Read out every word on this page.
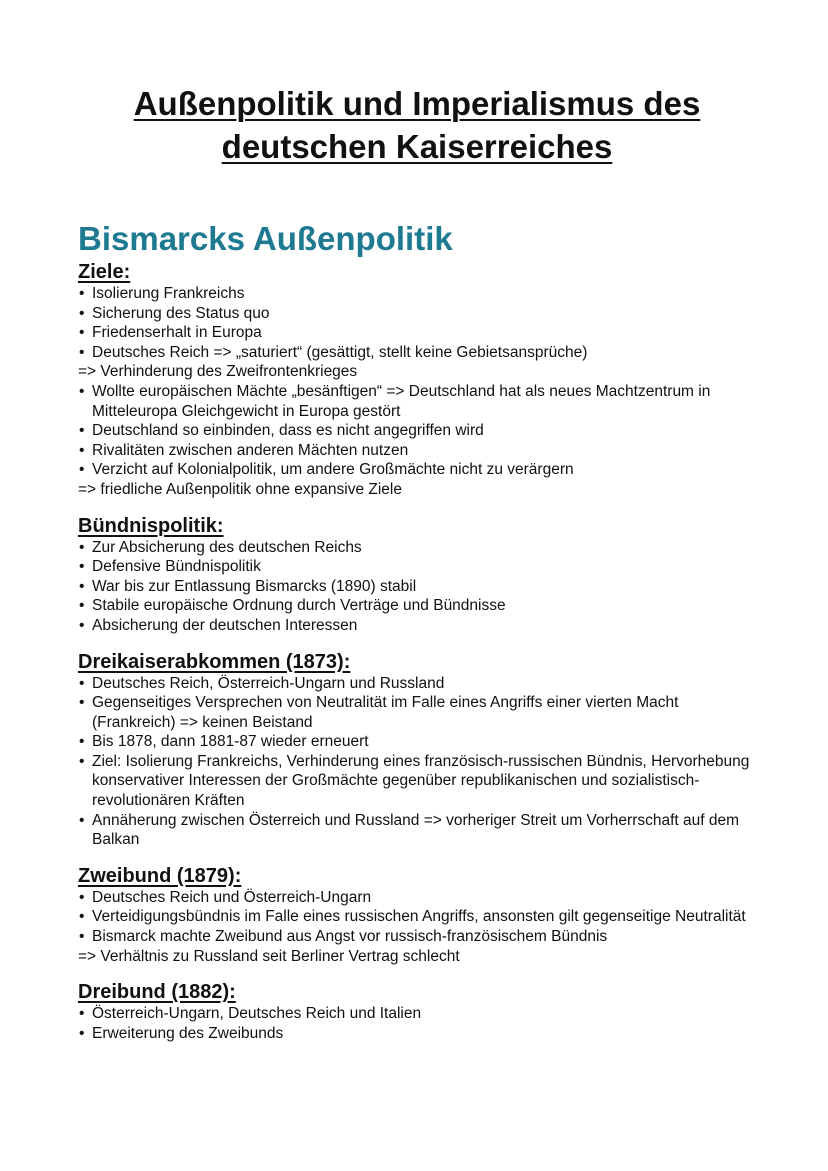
Außenpolitik und Imperialismus des
deutschen Kaiserreiches
Bismarcks Außenpolitik
Ziele:
• Isolierung Frankreichs
• Sicherung des Status quo
• Friedenserhalt in Europa
• Deutsches Reich => „saturiert“ (gesättigt, stellt keine Gebietsansprüche)
=> Verhinderung des Zweifrontenkrieges
• Wollte europäischen Mächte „besänftigen“ => Deutschland hat als neues Machtzentrum in Mitteleuropa Gleichgewicht in Europa gestört
• Deutschland so einbinden, dass es nicht angegriffen wird
• Rivalitäten zwischen anderen Mächten nutzen
• Verzicht auf Kolonialpolitik, um andere Großmächte nicht zu verärgern
=> friedliche Außenpolitik ohne expansive Ziele
Bündnispolitik:
• Zur Absicherung des deutschen Reichs
• Defensive Bündnispolitik
• War bis zur Entlassung Bismarcks (1890) stabil
• Stabile europäische Ordnung durch Verträge und Bündnisse
• Absicherung der deutschen Interessen
Dreikaiserabkommen (1873):
• Deutsches Reich, Österreich-Ungarn und Russland
• Gegenseitiges Versprechen von Neutralität im Falle eines Angriffs einer vierten Macht (Frankreich) => keinen Beistand
• Bis 1878, dann 1881-87 wieder erneuert
• Ziel: Isolierung Frankreichs, Verhinderung eines französisch-russischen Bündnis, Hervorhebung konservativer Interessen der Großmächte gegenüber republikanischen und sozialistisch-revolutionären Kräften
• Annäherung zwischen Österreich und Russland => vorheriger Streit um Vorherrschaft auf dem Balkan
Zweibund (1879):
• Deutsches Reich und Österreich-Ungarn
• Verteidigungsbündnis im Falle eines russischen Angriffs, ansonsten gilt gegenseitige Neutralität
• Bismarck machte Zweibund aus Angst vor russisch-französischem Bündnis
=> Verhältnis zu Russland seit Berliner Vertrag schlecht
Dreibund (1882):
• Österreich-Ungarn, Deutsches Reich und Italien
• Erweiterung des Zweibunds
